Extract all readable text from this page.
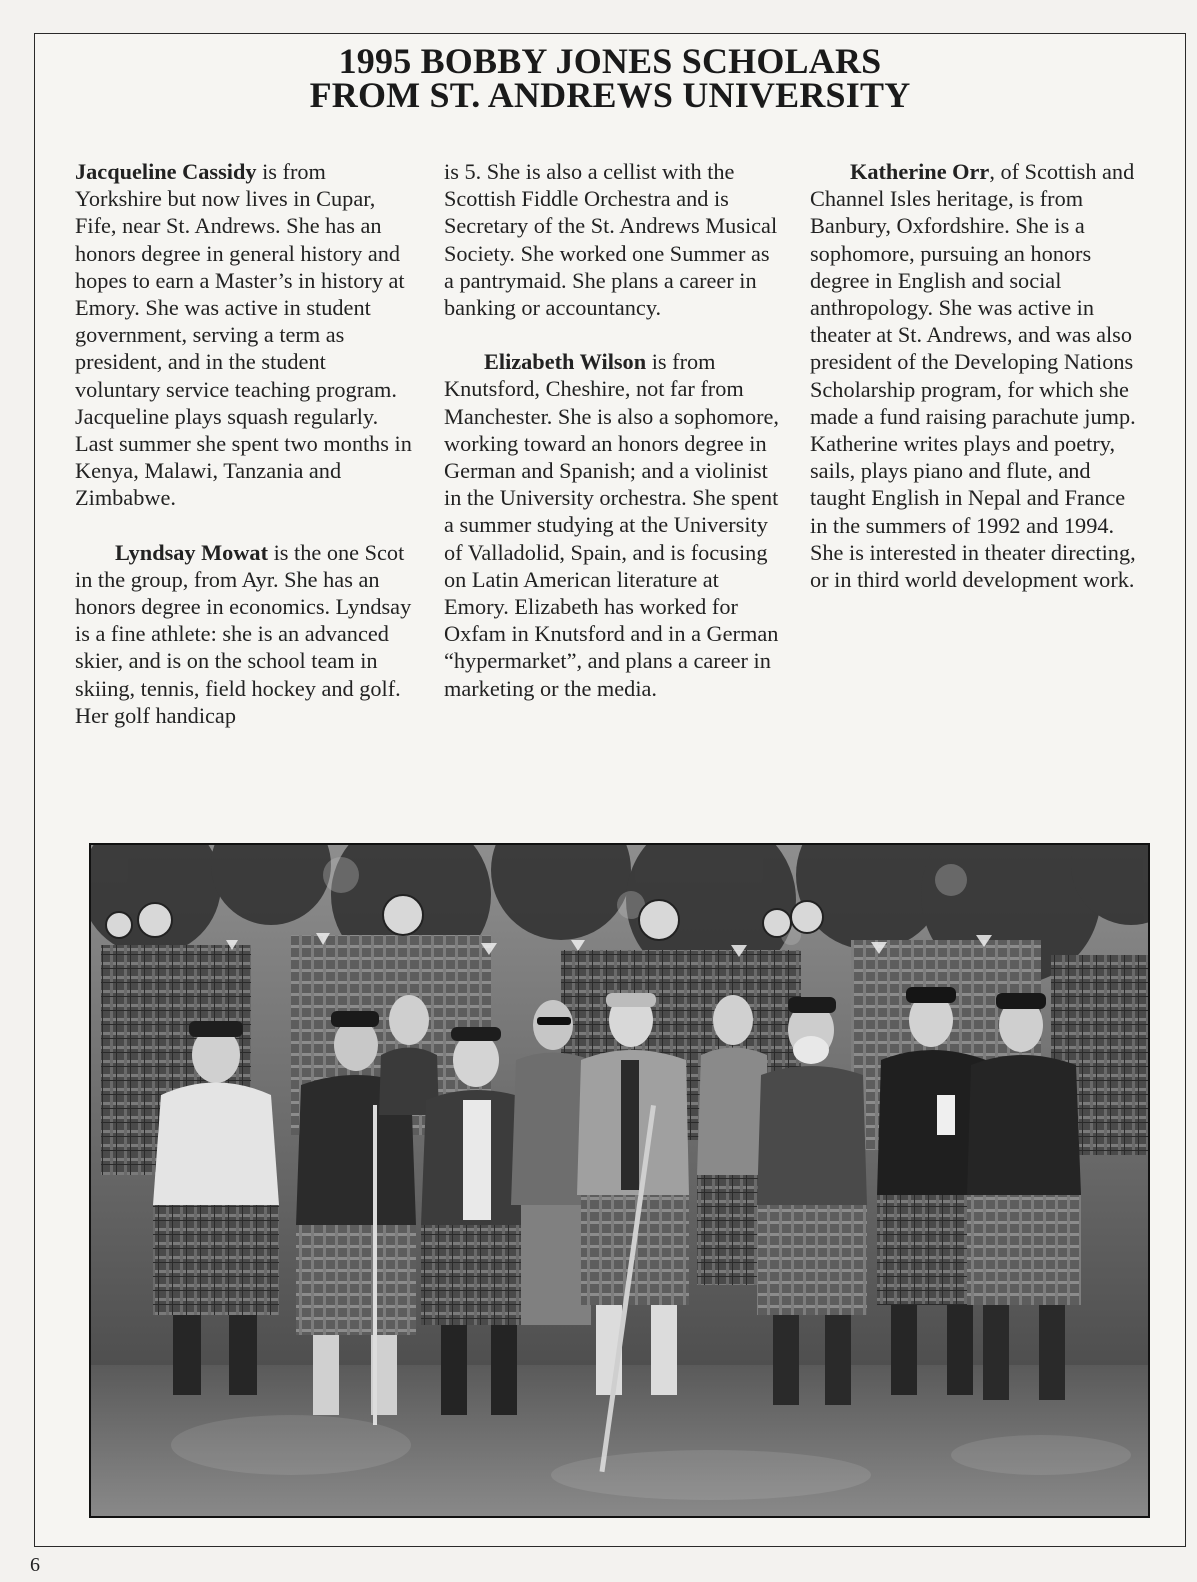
1995 BOBBY JONES SCHOLARS
FROM ST. ANDREWS UNIVERSITY

Jacqueline Cassidy is from Yorkshire but now lives in Cupar, Fife, near St. Andrews. She has an honors degree in general history and hopes to earn a Master’s in history at Emory. She was active in student government, serving a term as president, and in the student voluntary service teaching program. Jacqueline plays squash regularly. Last summer she spent two months in Kenya, Malawi, Tanzania and Zimbabwe.

Lyndsay Mowat is the one Scot in the group, from Ayr. She has an honors degree in economics. Lyndsay is a fine athlete: she is an advanced skier, and is on the school team in skiing, tennis, field hockey and golf. Her golf handicap

is 5. She is also a cellist with the Scottish Fiddle Orchestra and is Secretary of the St. Andrews Musical Society. She worked one Summer as a pantrymaid. She plans a career in banking or accountancy.

Elizabeth Wilson is from Knutsford, Cheshire, not far from Manchester. She is also a sophomore, working toward an honors degree in German and Spanish; and a violinist in the University orchestra. She spent a summer studying at the University of Valladolid, Spain, and is focusing on Latin American literature at Emory. Elizabeth has worked for Oxfam in Knutsford and in a German “hypermarket”, and plans a career in marketing or the media.

Katherine Orr, of Scottish and Channel Isles heritage, is from Banbury, Oxfordshire. She is a sophomore, pursuing an honors degree in English and social anthropology. She was active in theater at St. Andrews, and was also president of the Developing Nations Scholarship program, for which she made a fund raising parachute jump. Katherine writes plays and poetry, sails, plays piano and flute, and taught English in Nepal and France in the summers of 1992 and 1994. She is interested in theater directing, or in third world development work.

6
